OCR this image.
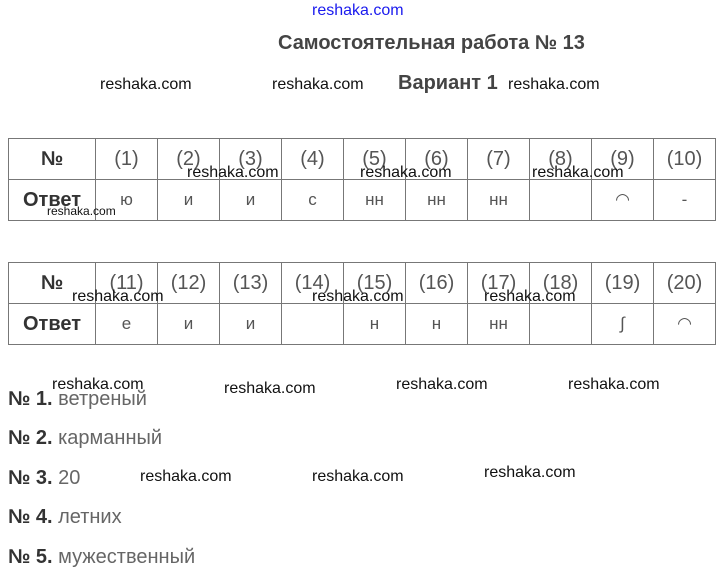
reshaka.com
Самостоятельная работа № 13
Вариант 1
reshaka.com	reshaka.com	reshaka.com
№	(1)	(2)	(3)	(4)	(5)	(6)	(7)	(8)	(9)	(10)
Ответ	ю	и	и	с	нн	нн	нн		◠	-
reshaka.com	reshaka.com	reshaka.com
reshaka.com
№	(11)	(12)	(13)	(14)	(15)	(16)	(17)	(18)	(19)	(20)
Ответ	е	и	и		н	н	нн		∫	◠
reshaka.com	reshaka.com	reshaka.com
reshaka.com	reshaka.com	reshaka.com	reshaka.com
reshaka.com	reshaka.com	reshaka.com
№ 1. ветреный
№ 2. карманный
№ 3. 20
№ 4. летних
№ 5. мужественный
